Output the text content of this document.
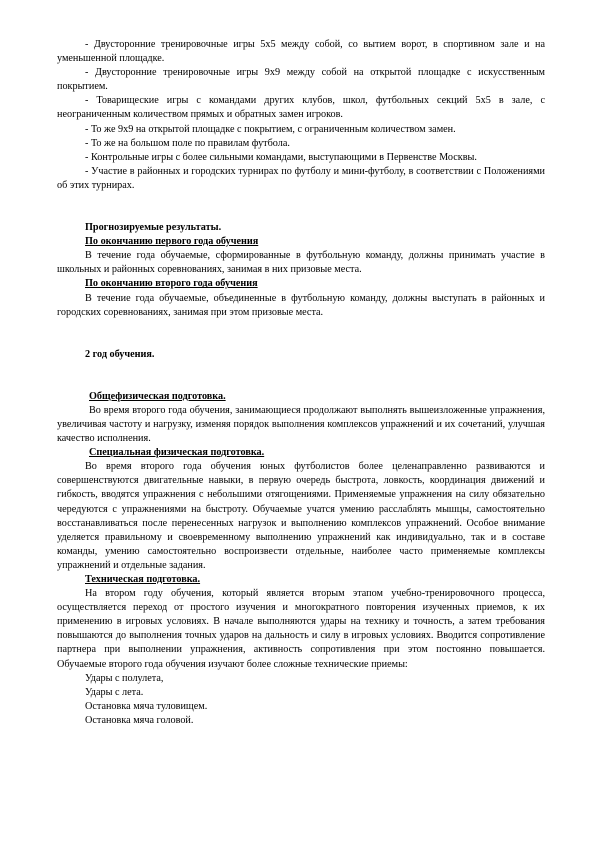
- Двусторонние тренировочные игры 5х5 между собой, со вытием ворот, в спортивном зале и на уменьшенной площадке.

- Двусторонние тренировочные игры 9х9 между собой на открытой площадке с искусственным покрытием.

- Товарищеские игры с командами других клубов, школ, футбольных секций 5х5 в зале, с неограниченным количеством прямых и обратных замен игроков.

- То же 9х9 на открытой площадке с покрытием, с ограниченным количеством замен.

- То же на большом поле по правилам футбола.

- Контрольные игры с более сильными командами, выступающими в Первенстве Москвы.

- Участие в районных и городских турнирах по футболу и мини-футболу, в соответствии с Положениями об этих турнирах.

Прогнозируемые результаты.

По окончанию первого года обучения

В течение года обучаемые, сформированные в футбольную команду, должны принимать участие в школьных и районных соревнованиях, занимая в них призовые места.

По окончанию второго года обучения

В течение года обучаемые, объединенные в футбольную команду, должны выступать в районных и городских соревнованиях, занимая при этом призовые места.

2 год обучения.

Общефизическая подготовка.

Во время второго года обучения, занимающиеся продолжают выполнять вышеизложенные упражнения, увеличивая частоту и нагрузку, изменяя порядок выполнения комплексов упражнений и их сочетаний, улучшая качество исполнения.

Специальная физическая подготовка.

Во время второго года обучения юных футболистов более целенаправленно развиваются и совершенствуются двигательные навыки, в первую очередь быстрота, ловкость, координация движений и гибкость, вводятся упражнения с небольшими отягощениями. Применяемые упражнения на силу обязательно чередуются с упражнениями на быстроту. Обучаемые учатся умению расслаблять мышцы, самостоятельно восстанавливаться после перенесенных нагрузок и выполнению комплексов упражнений. Особое внимание уделяется правильному и своевременному выполнению упражнений как индивидуально, так и в составе команды, умению самостоятельно воспроизвести отдельные, наиболее часто применяемые комплексы упражнений и отдельные задания.

Техническая подготовка.

На втором году обучения, который является вторым этапом учебно-тренировочного процесса, осуществляется переход от простого изучения и многократного повторения изученных приемов, к их применению в игровых условиях. В начале выполняются удары на технику и точность, а затем требования повышаются до выполнения точных ударов на дальность и силу в игровых условиях. Вводится сопротивление партнера при выполнении упражнения, активность сопротивления при этом постоянно повышается. Обучаемые второго года обучения изучают более сложные технические приемы:

Удары с полулета,

Удары с лета.

Остановка мяча туловищем.

Остановка мяча головой.
